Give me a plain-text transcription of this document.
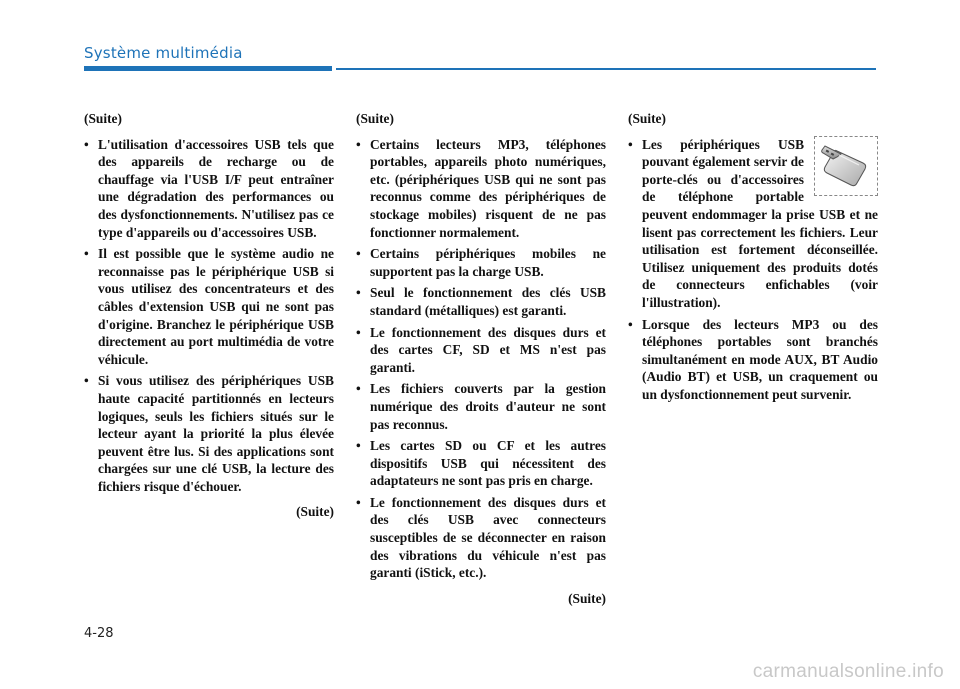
Système multimédia

(Suite)

• L'utilisation d'accessoires USB tels que des appareils de recharge ou de chauffage via l'USB I/F peut entraîner une dégradation des performances ou des dysfonctionnements. N'utilisez pas ce type d'appareils ou d'accessoires USB.
• Il est possible que le système audio ne reconnaisse pas le périphérique USB si vous utilisez des concentrateurs et des câbles d'extension USB qui ne sont pas d'origine. Branchez le périphérique USB directement au port multimédia de votre véhicule.
• Si vous utilisez des périphériques USB haute capacité partitionnés en lecteurs logiques, seuls les fichiers situés sur le lecteur ayant la priorité la plus élevée peuvent être lus. Si des applications sont chargées sur une clé USB, la lecture des fichiers risque d'échouer.

(Suite)

(Suite)

• Certains lecteurs MP3, téléphones portables, appareils photo numériques, etc. (périphériques USB qui ne sont pas reconnus comme des périphériques de stockage mobiles) risquent de ne pas fonctionner normalement.
• Certains périphériques mobiles ne supportent pas la charge USB.
• Seul le fonctionnement des clés USB standard (métalliques) est garanti.
• Le fonctionnement des disques durs et des cartes CF, SD et MS n'est pas garanti.
• Les fichiers couverts par la gestion numérique des droits d'auteur ne sont pas reconnus.
• Les cartes SD ou CF et les autres dispositifs USB qui nécessitent des adaptateurs ne sont pas pris en charge.
• Le fonctionnement des disques durs et des clés USB avec connecteurs susceptibles de se déconnecter en raison des vibrations du véhicule n'est pas garanti (iStick, etc.).

(Suite)

(Suite)

• Les périphériques USB pouvant également servir de porte-clés ou d'accessoires de téléphone portable peuvent endommager la prise USB et ne lisent pas correctement les fichiers. Leur utilisation est fortement déconseillée. Utilisez uniquement des produits dotés de connecteurs enfichables (voir l'illustration).
• Lorsque des lecteurs MP3 ou des téléphones portables sont branchés simultanément en mode AUX, BT Audio (Audio BT) et USB, un craquement ou un dysfonctionnement peut survenir.
4-28
carmanualsonline.info
